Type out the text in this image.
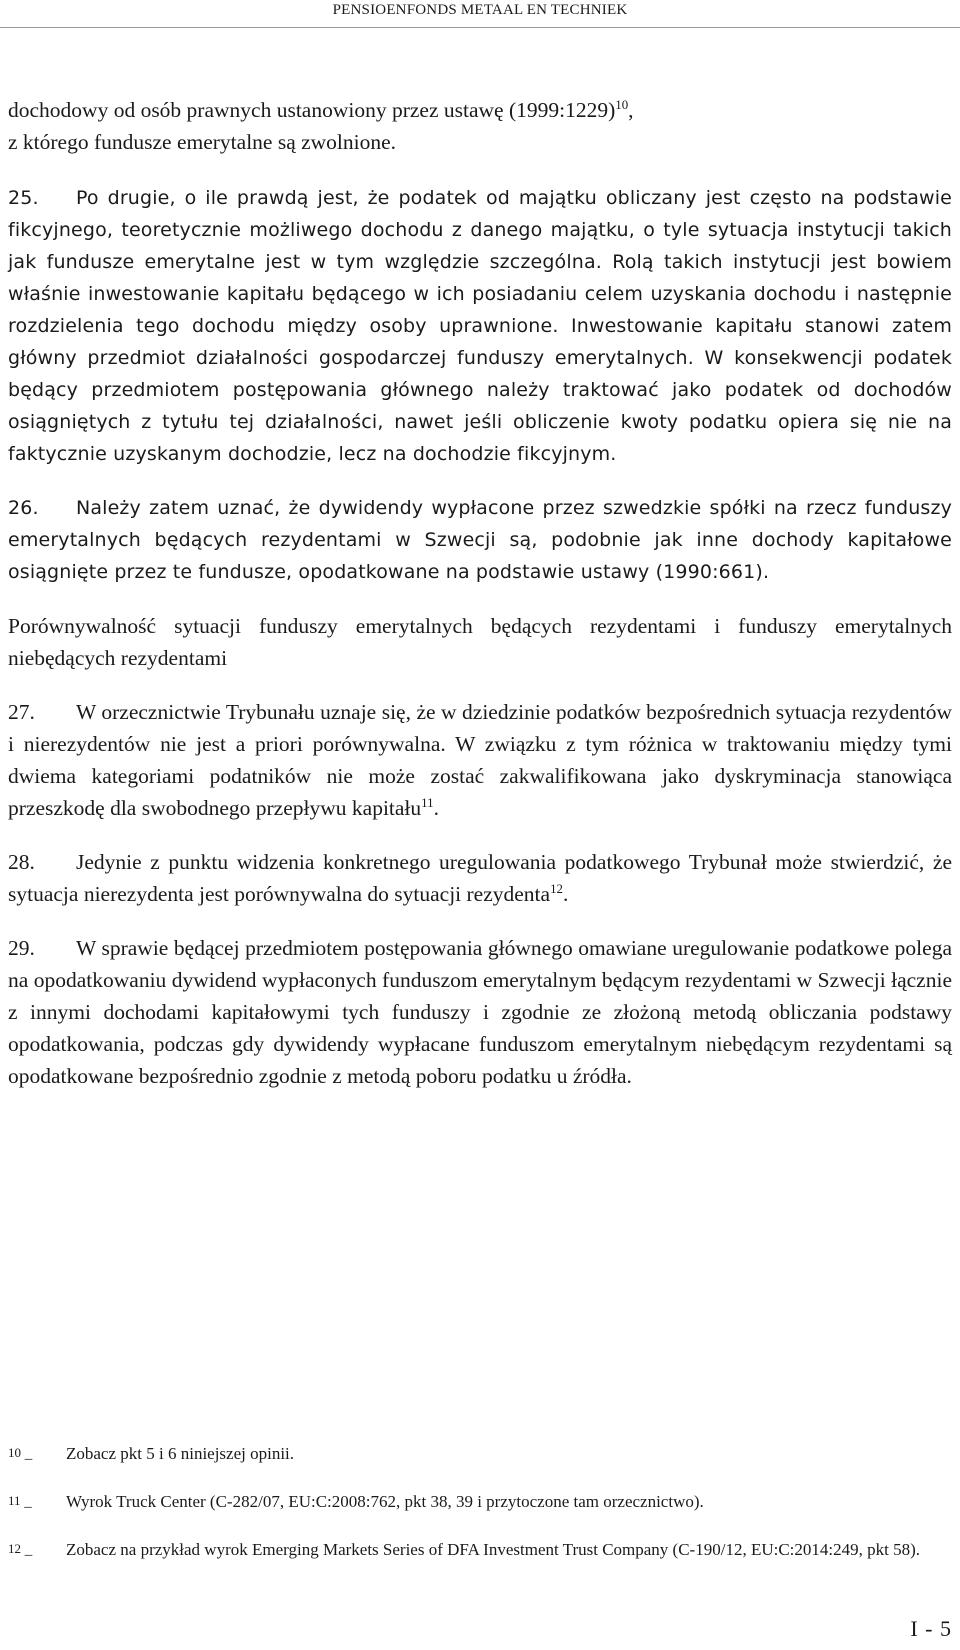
PENSIOENFONDS METAAL EN TECHNIEK

dochodowy od osób prawnych ustanowiony przez ustawę (1999:1229)$^{10}$,
z którego fundusze emerytalne są zwolnione.

25. Po drugie, o ile prawdą jest, że podatek od majątku obliczany jest często na podstawie fikcyjnego, teoretycznie możliwego dochodu z danego majątku, o tyle sytuacja instytucji takich jak fundusze emerytalne jest w tym względzie szczególna. Rolą takich instytucji jest bowiem właśnie inwestowanie kapitału będącego w ich posiadaniu celem uzyskania dochodu i następnie rozdzielenia tego dochodu między osoby uprawnione. Inwestowanie kapitału stanowi zatem główny przedmiot działalności gospodarczej funduszy emerytalnych. W konsekwencji podatek będący przedmiotem postępowania głównego należy traktować jako podatek od dochodów osiągniętych z tytułu tej działalności, nawet jeśli obliczenie kwoty podatku opiera się nie na faktycznie uzyskanym dochodzie, lecz na dochodzie fikcyjnym.

26. Należy zatem uznać, że dywidendy wypłacone przez szwedzkie spółki na rzecz funduszy emerytalnych będących rezydentami w Szwecji są, podobnie jak inne dochody kapitałowe osiągnięte przez te fundusze, opodatkowane na podstawie ustawy (1990:661).

Porównywalność sytuacji funduszy emerytalnych będących rezydentami i funduszy emerytalnych niebędących rezydentami

27. W orzecznictwie Trybunału uznaje się, że w dziedzinie podatków bezpośrednich sytuacja rezydentów i nierezydentów nie jest a priori porównywalna. W związku z tym różnica w traktowaniu między tymi dwiema kategoriami podatników nie może zostać zakwalifikowana jako dyskryminacja stanowiąca przeszkodę dla swobodnego przepływu kapitału$^{11}$.

28. Jedynie z punktu widzenia konkretnego uregulowania podatkowego Trybunał może stwierdzić, że sytuacja nierezydenta jest porównywalna do sytuacji rezydenta$^{12}$.

29. W sprawie będącej przedmiotem postępowania głównego omawiane uregulowanie podatkowe polega na opodatkowaniu dywidend wypłaconych funduszom emerytalnym będącym rezydentami w Szwecji łącznie z innymi dochodami kapitałowymi tych funduszy i zgodnie ze złożoną metodą obliczania podstawy opodatkowania, podczas gdy dywidendy wypłacane funduszom emerytalnym niebędącym rezydentami są opodatkowane bezpośrednio zgodnie z metodą poboru podatku u źródła.

10 –	Zobacz pkt 5 i 6 niniejszej opinii.
11 –	Wyrok Truck Center (C-282/07, EU:C:2008:762, pkt 38, 39 i przytoczone tam orzecznictwo).
12 –	Zobacz na przykład wyrok Emerging Markets Series of DFA Investment Trust Company (C-190/12, EU:C:2014:249, pkt 58).
I - 5
